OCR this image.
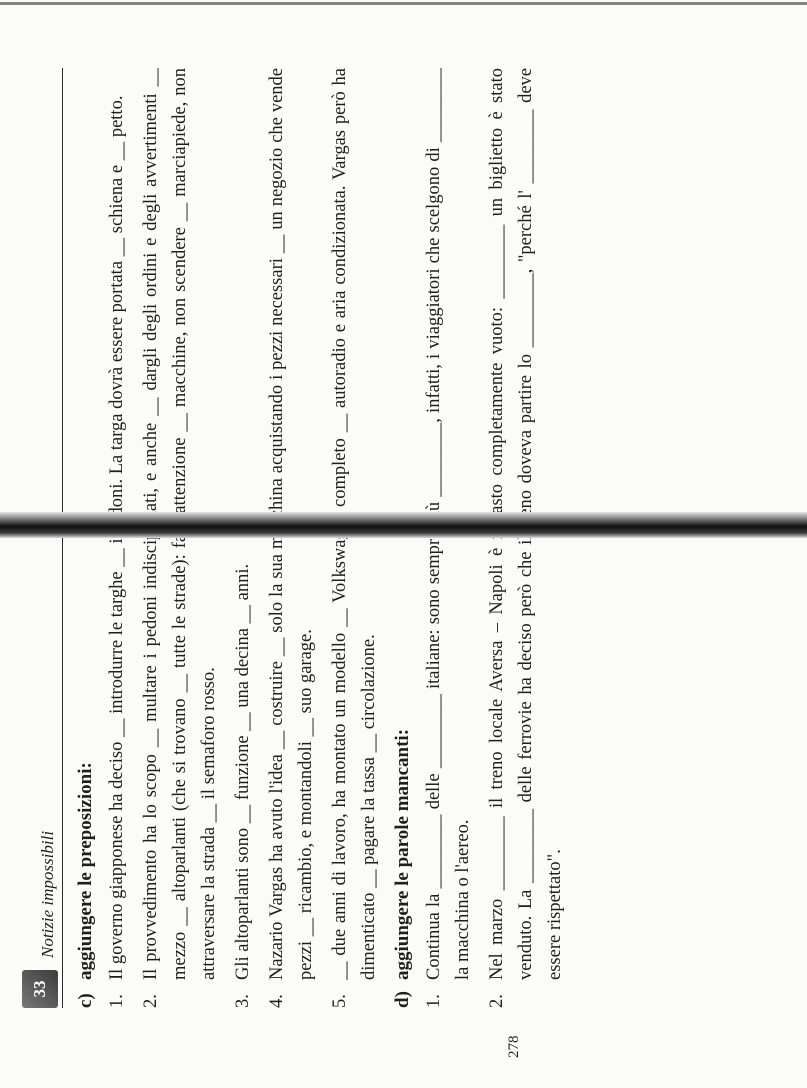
33
Notizie impossibili
c)aggiungere le preposizioni:
1. 2.
Il provvedimento ha lo scopo __ multare i pedoni indisciplinati, e anche __ dargli degli ordini e degli avvertimenti __ mezzo __ altoparlanti (che si trovano __ tutte le strade): attenzione __ macchine, non scendere __ marciapiede, non attraversare la strada __ il semaforo rosso.
3.
Gli altoparlanti sono __ funzione __ una decina __ anni.
4.
Nazario Vargas ha avuto l'idea __ costruire __ solo la sua acquistando i pezzi necessari __ un negozio che vende pezzi __ ricambio, e montandoli __ suo garage.
5.
__ due anni di lavoro, ha montato un modello __ Volkswagen completo __ autoradio e aria condizionata. Vargas però ha dimenticato __ pagare la tassa __ circolazione.
d)aggiungere le parole mancanti:
1.
Continua la ________ delle ________ italiane: sono sempre ________, infatti, i viaggiatori che scelgono di ________ la macchina o l'aereo.
2.
Nel marzo ________ il treno locale Aversa – Napoli è completamente vuoto: ________ un biglietto è stato venduto. La ________ delle ferrovie ha deciso però che il treno doveva partire lo ________, "perché l' ________ deve essere rispettato".
278
